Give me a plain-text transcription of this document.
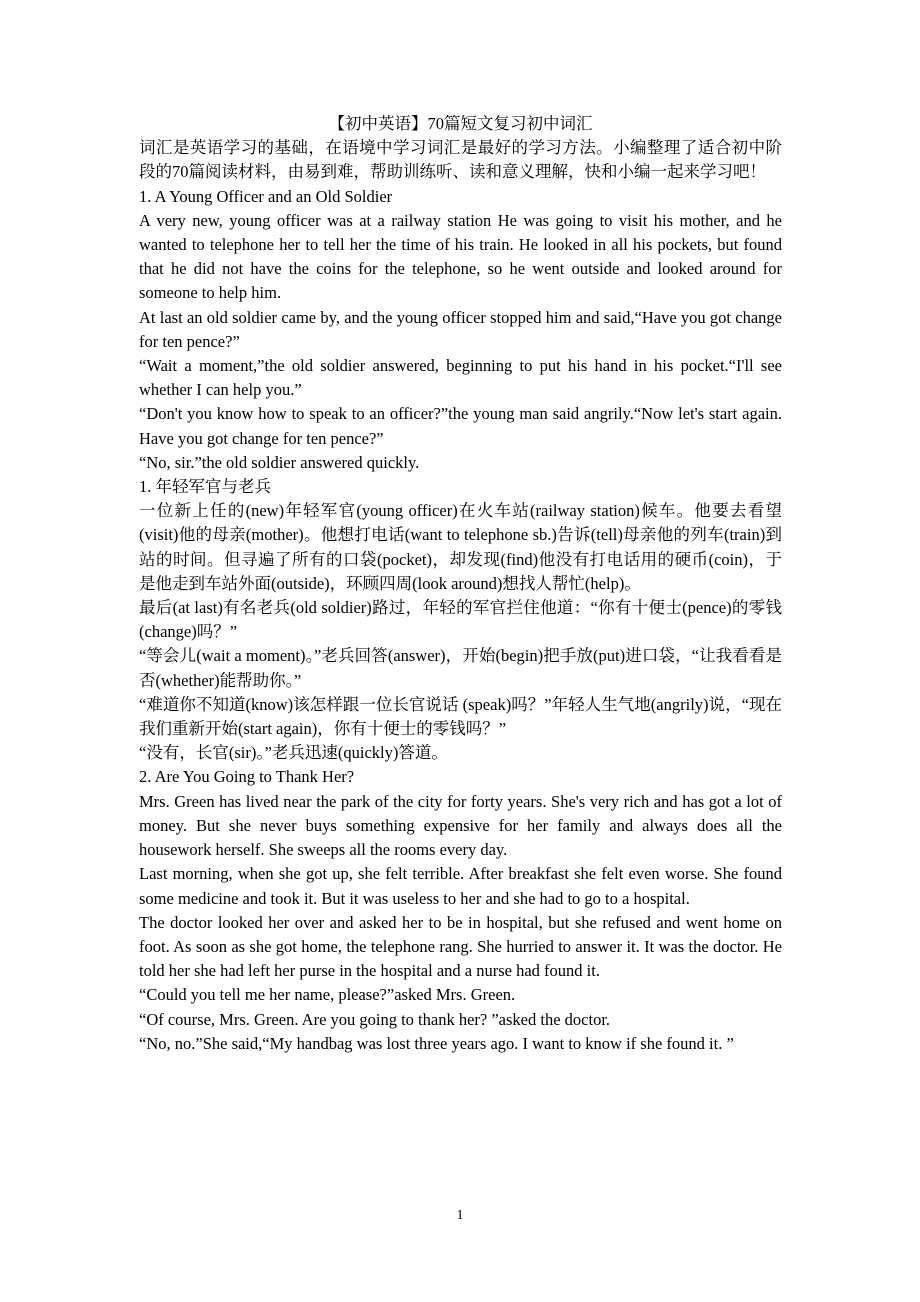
【初中英语】70篇短文复习初中词汇

词汇是英语学习的基础，在语境中学习词汇是最好的学习方法。小编整理了适合初中阶段的70篇阅读材料，由易到难，帮助训练听、读和意义理解，快和小编一起来学习吧！

1. A Young Officer and an Old Soldier

A very new, young officer was at a railway station He was going to visit his mother, and he wanted to telephone her to tell her the time of his train. He looked in all his pockets, but found that he did not have the coins for the telephone, so he went outside and looked around for someone to help him.

At last an old soldier came by, and the young officer stopped him and said,“Have you got change for ten pence?”

“Wait a moment,”the old soldier answered, beginning to put his hand in his pocket.“I'll see whether I can help you.”

“Don't you know how to speak to an officer?”the young man said angrily.“Now let's start again. Have you got change for ten pence?”

“No, sir.”the old soldier answered quickly.

1. 年轻军官与老兵

一位新上任的(new)年轻军官(young officer)在火车站(railway station)候车。他要去看望(visit)他的母亲(mother)。他想打电话(want to telephone sb.)告诉(tell)母亲他的列车(train)到站的时间。但寻遍了所有的口袋(pocket)，却发现(find)他没有打电话用的硬币(coin)，于是他走到车站外面(outside)，环顾四周(look around)想找人帮忙(help)。

最后(at last)有名老兵(old soldier)路过，年轻的军官拦住他道：“你有十便士(pence)的零钱(change)吗？”

“等会儿(wait a moment)。”老兵回答(answer)，开始(begin)把手放(put)进口袋，“让我看看是否(whether)能帮助你。”

“难道你不知道(know)该怎样跟一位长官说话 (speak)吗？”年轻人生气地(angrily)说，“现在我们重新开始(start again)，你有十便士的零钱吗？”

“没有，长官(sir)。”老兵迅速(quickly)答道。

2. Are You Going to Thank Her?

Mrs. Green has lived near the park of the city for forty years. She's very rich and has got a lot of money. But she never buys something expensive for her family and always does all the housework herself. She sweeps all the rooms every day.

Last morning, when she got up, she felt terrible. After breakfast she felt even worse. She found some medicine and took it. But it was useless to her and she had to go to a hospital.

The doctor looked her over and asked her to be in hospital, but she refused and went home on foot. As soon as she got home, the telephone rang. She hurried to answer it. It was the doctor. He told her she had left her purse in the hospital and a nurse had found it.

“Could you tell me her name, please?”asked Mrs. Green.

“Of course, Mrs. Green. Are you going to thank her? ”asked the doctor.

“No, no.”She said,“My handbag was lost three years ago. I want to know if she found it. ”

1
